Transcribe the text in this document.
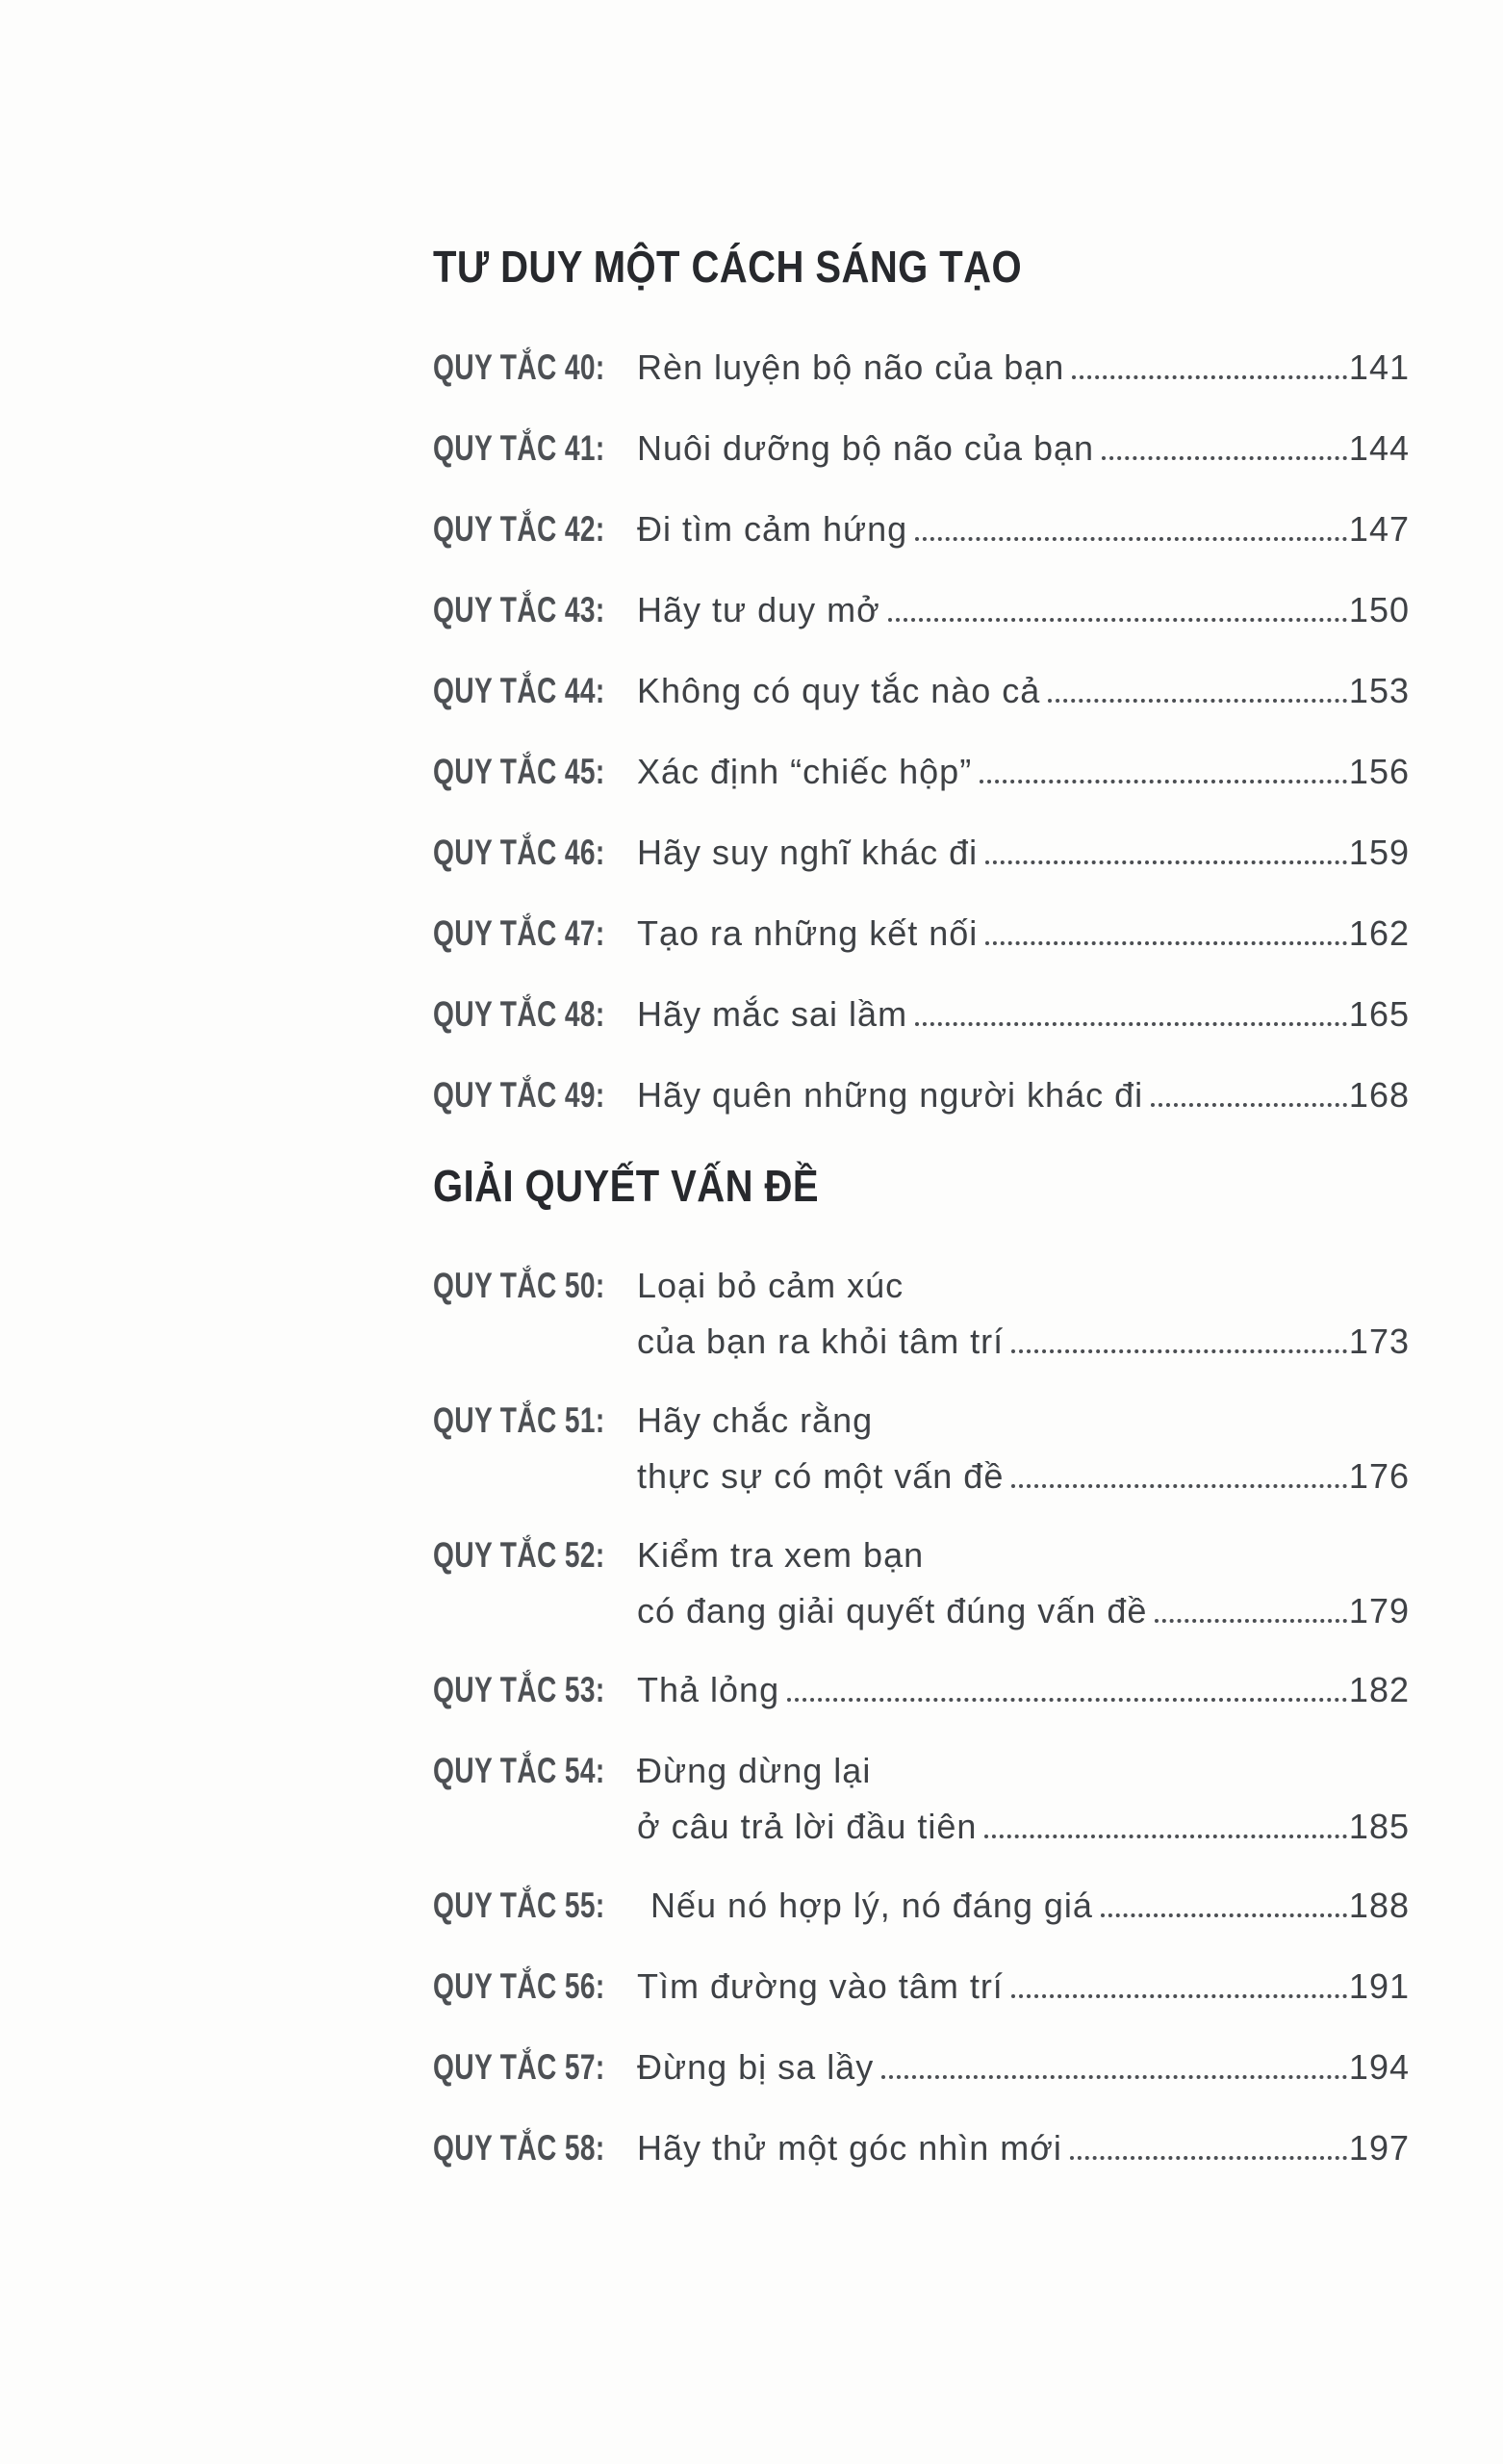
TƯ DUY MỘT CÁCH SÁNG TẠO
QUY TẮC 40: Rèn luyện bộ não của bạn	141
QUY TẮC 41: Nuôi dưỡng bộ não của bạn	144
QUY TẮC 42: Đi tìm cảm hứng	147
QUY TẮC 43: Hãy tư duy mở	150
QUY TẮC 44: Không có quy tắc nào cả	153
QUY TẮC 45: Xác định “chiếc hộp”	156
QUY TẮC 46: Hãy suy nghĩ khác đi	159
QUY TẮC 47: Tạo ra những kết nối	162
QUY TẮC 48: Hãy mắc sai lầm	165
QUY TẮC 49: Hãy quên những người khác đi	168
GIẢI QUYẾT VẤN ĐỀ
QUY TẮC 50: Loại bỏ cảm xúc
của bạn ra khỏi tâm trí	173
QUY TẮC 51: Hãy chắc rằng
thực sự có một vấn đề	176
QUY TẮC 52: Kiểm tra xem bạn
có đang giải quyết đúng vấn đề	179
QUY TẮC 53: Thả lỏng	182
QUY TẮC 54: Đừng dừng lại
ở câu trả lời đầu tiên	185
QUY TẮC 55:	Nếu nó hợp lý, nó đáng giá	188
QUY TẮC 56: Tìm đường vào tâm trí	191
QUY TẮC 57: Đừng bị sa lầy	194
QUY TẮC 58: Hãy thử một góc nhìn mới	197
